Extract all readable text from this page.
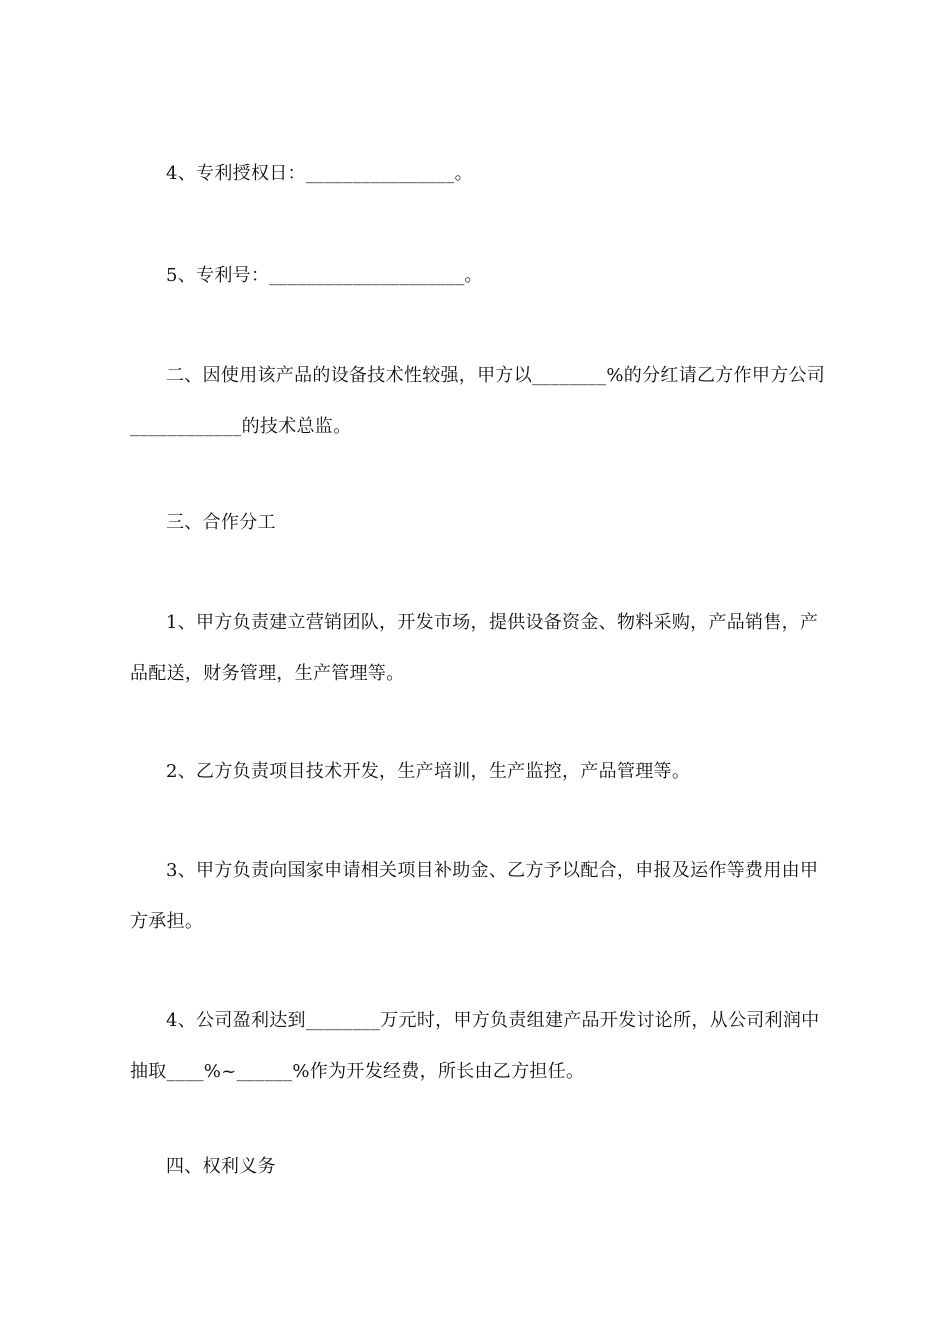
4、专利授权日：________________。

5、专利号：_____________________。

二、因使用该产品的设备技术性较强，甲方以________%的分红请乙方作甲方公司____________的技术总监。

三、合作分工

1、甲方负责建立营销团队，开发市场，提供设备资金、物料采购，产品销售，产品配送，财务管理，生产管理等。

2、乙方负责项目技术开发，生产培训，生产监控，产品管理等。

3、甲方负责向国家申请相关项目补助金、乙方予以配合，申报及运作等费用由甲方承担。

4、公司盈利达到________万元时，甲方负责组建产品开发讨论所，从公司利润中抽取____%~______%作为开发经费，所长由乙方担任。

四、权利义务
